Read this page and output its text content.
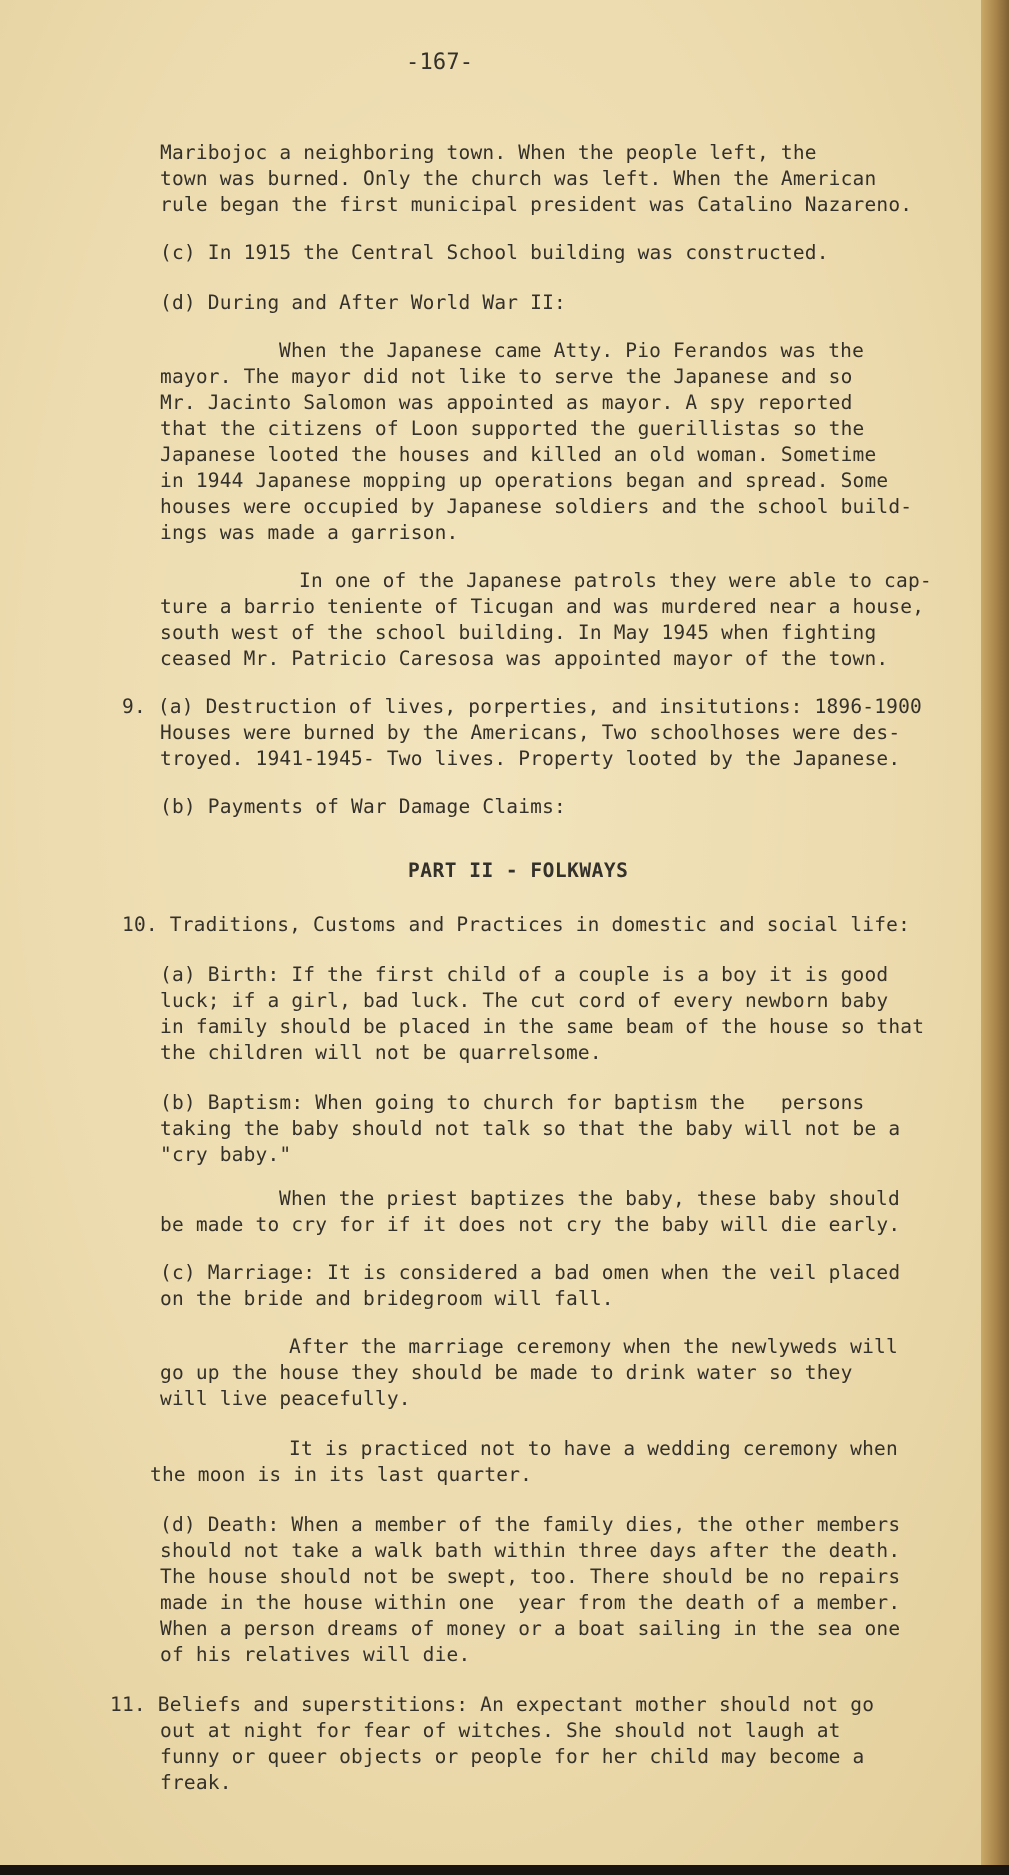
-167-
Maribojoc a neighboring town. When the people left, the
town was burned. Only the church was left. When the American
rule began the first municipal president was Catalino Nazareno.
(c) In 1915 the Central School building was constructed.
(d) During and After World War II:
When the Japanese came Atty. Pio Ferandos was the
mayor. The mayor did not like to serve the Japanese and so
Mr. Jacinto Salomon was appointed as mayor. A spy reported
that the citizens of Loon supported the guerillistas so the
Japanese looted the houses and killed an old woman. Sometime
in 1944 Japanese mopping up operations began and spread. Some
houses were occupied by Japanese soldiers and the school build-
ings was made a garrison.
In one of the Japanese patrols they were able to cap-
ture a barrio teniente of Ticugan and was murdered near a house,
south west of the school building. In May 1945 when fighting
ceased Mr. Patricio Caresosa was appointed mayor of the town.
9. (a) Destruction of lives, porperties, and insitutions: 1896-1900
Houses were burned by the Americans, Two schoolhoses were des-
troyed. 1941-1945- Two lives. Property looted by the Japanese.
(b) Payments of War Damage Claims:
PART II - FOLKWAYS
10. Traditions, Customs and Practices in domestic and social life:
(a) Birth: If the first child of a couple is a boy it is good
luck; if a girl, bad luck. The cut cord of every newborn baby
in family should be placed in the same beam of the house so that
the children will not be quarrelsome.
(b) Baptism: When going to church for baptism the   persons
taking the baby should not talk so that the baby will not be a
"cry baby."
When the priest baptizes the baby, these baby should
be made to cry for if it does not cry the baby will die early.
(c) Marriage: It is considered a bad omen when the veil placed
on the bride and bridegroom will fall.
After the marriage ceremony when the newlyweds will
go up the house they should be made to drink water so they
will live peacefully.
It is practiced not to have a wedding ceremony when
the moon is in its last quarter.
(d) Death: When a member of the family dies, the other members
should not take a walk bath within three days after the death.
The house should not be swept, too. There should be no repairs
made in the house within one  year from the death of a member.
When a person dreams of money or a boat sailing in the sea one
of his relatives will die.
11. Beliefs and superstitions: An expectant mother should not go
out at night for fear of witches. She should not laugh at
funny or queer objects or people for her child may become a
freak.
